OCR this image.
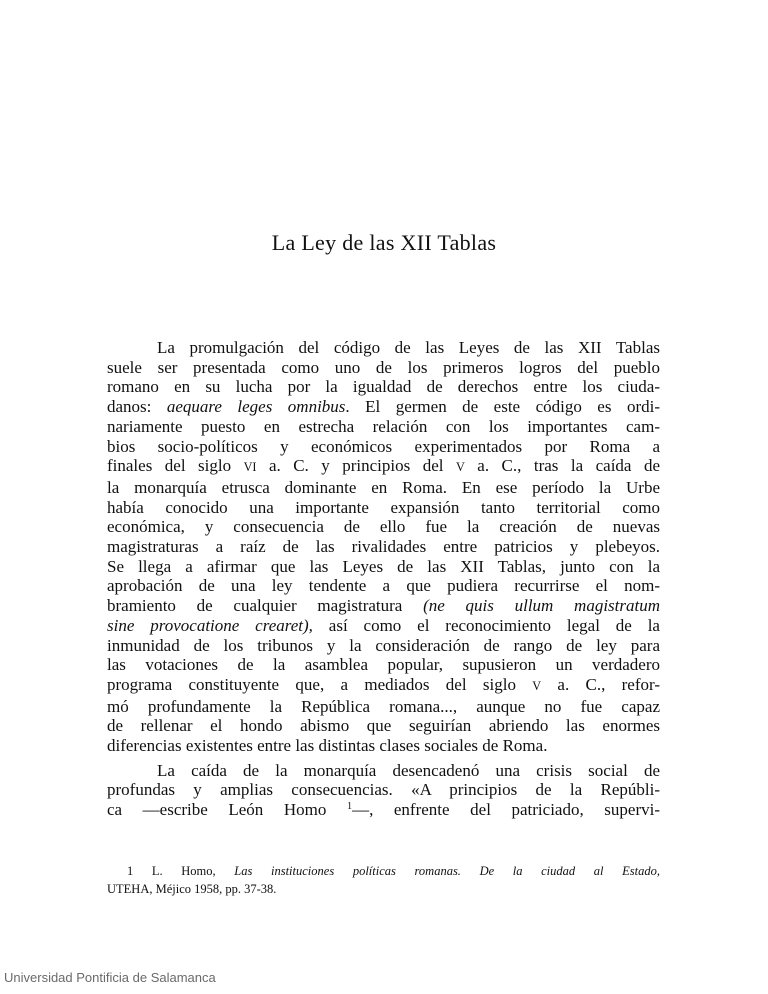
La Ley de las XII Tablas
La promulgación del código de las Leyes de las XII Tablas
suele ser presentada como uno de los primeros logros del pueblo
romano en su lucha por la igualdad de derechos entre los ciuda-
danos: aequare leges omnibus. El germen de este código es ordi-
nariamente puesto en estrecha relación con los importantes cam-
bios socio-políticos y económicos experimentados por Roma a
finales del siglo VI a. C. y principios del V a. C., tras la caída de
la monarquía etrusca dominante en Roma. En ese período la Urbe
había conocido una importante expansión tanto territorial como
económica, y consecuencia de ello fue la creación de nuevas
magistraturas a raíz de las rivalidades entre patricios y plebeyos.
Se llega a afirmar que las Leyes de las XII Tablas, junto con la
aprobación de una ley tendente a que pudiera recurrirse el nom-
bramiento de cualquier magistratura (ne quis ullum magistratum
sine provocatione crearet), así como el reconocimiento legal de la
inmunidad de los tribunos y la consideración de rango de ley para
las votaciones de la asamblea popular, supusieron un verdadero
programa constituyente que, a mediados del siglo V a. C., refor-
mó profundamente la República romana..., aunque no fue capaz
de rellenar el hondo abismo que seguirían abriendo las enormes
diferencias existentes entre las distintas clases sociales de Roma.
La caída de la monarquía desencadenó una crisis social de
profundas y amplias consecuencias. «A principios de la Repúbli-
ca —escribe León Homo $^1$—, enfrente del patriciado, supervi-
1 L. Homo, Las instituciones políticas romanas. De la ciudad al Estado,
UTEHA, Méjico 1958, pp. 37-38.
Universidad Pontificia de Salamanca
